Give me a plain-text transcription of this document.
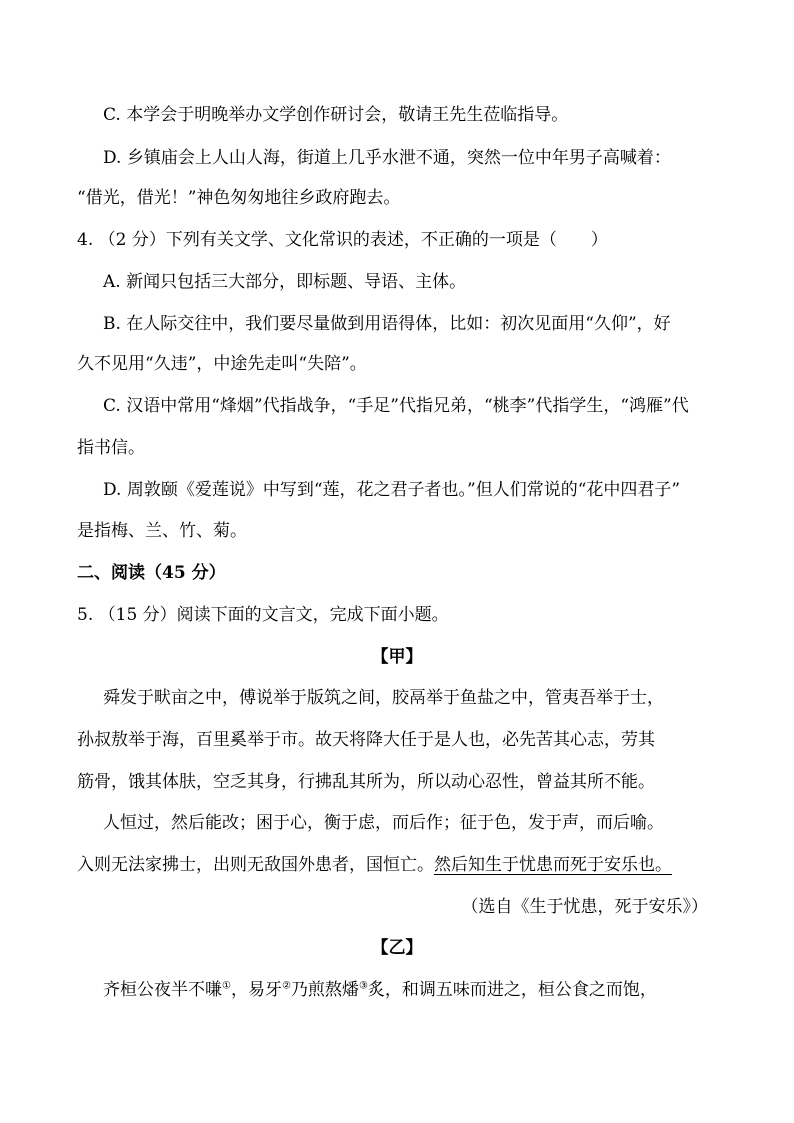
C. 本学会于明晚举办文学创作研讨会，敬请王先生莅临指导。
D. 乡镇庙会上人山人海，街道上几乎水泄不通，突然一位中年男子高喊着：
“借光，借光！”神色匆匆地往乡政府跑去。
4. （2 分）下列有关文学、文化常识的表述，不正确的一项是（　　）
A. 新闻只包括三大部分，即标题、导语、主体。
B. 在人际交往中，我们要尽量做到用语得体，比如：初次见面用“久仰”，好
久不见用“久违”，中途先走叫“失陪”。
C. 汉语中常用“烽烟”代指战争，“手足”代指兄弟，“桃李”代指学生，“鸿雁”代
指书信。
D. 周敦颐《爱莲说》中写到“莲，花之君子者也。”但人们常说的“花中四君子”
是指梅、兰、竹、菊。
二、阅读（45 分）
5. （15 分）阅读下面的文言文，完成下面小题。
【甲】
舜发于畎亩之中，傅说举于版筑之间，胶鬲举于鱼盐之中，管夷吾举于士，
孙叔敖举于海，百里奚举于市。故天将降大任于是人也，必先苦其心志，劳其
筋骨，饿其体肤，空乏其身，行拂乱其所为，所以动心忍性，曾益其所不能。
人恒过，然后能改；困于心，衡于虑，而后作；征于色，发于声，而后喻。
入则无法家拂士，出则无敌国外患者，国恒亡。然后知生于忧患而死于安乐也。
（选自《生于忧患，死于安乐》）
【乙】
齐桓公夜半不嗛①，易牙②乃煎熬燔③炙，和调五味而进之，桓公食之而饱，
